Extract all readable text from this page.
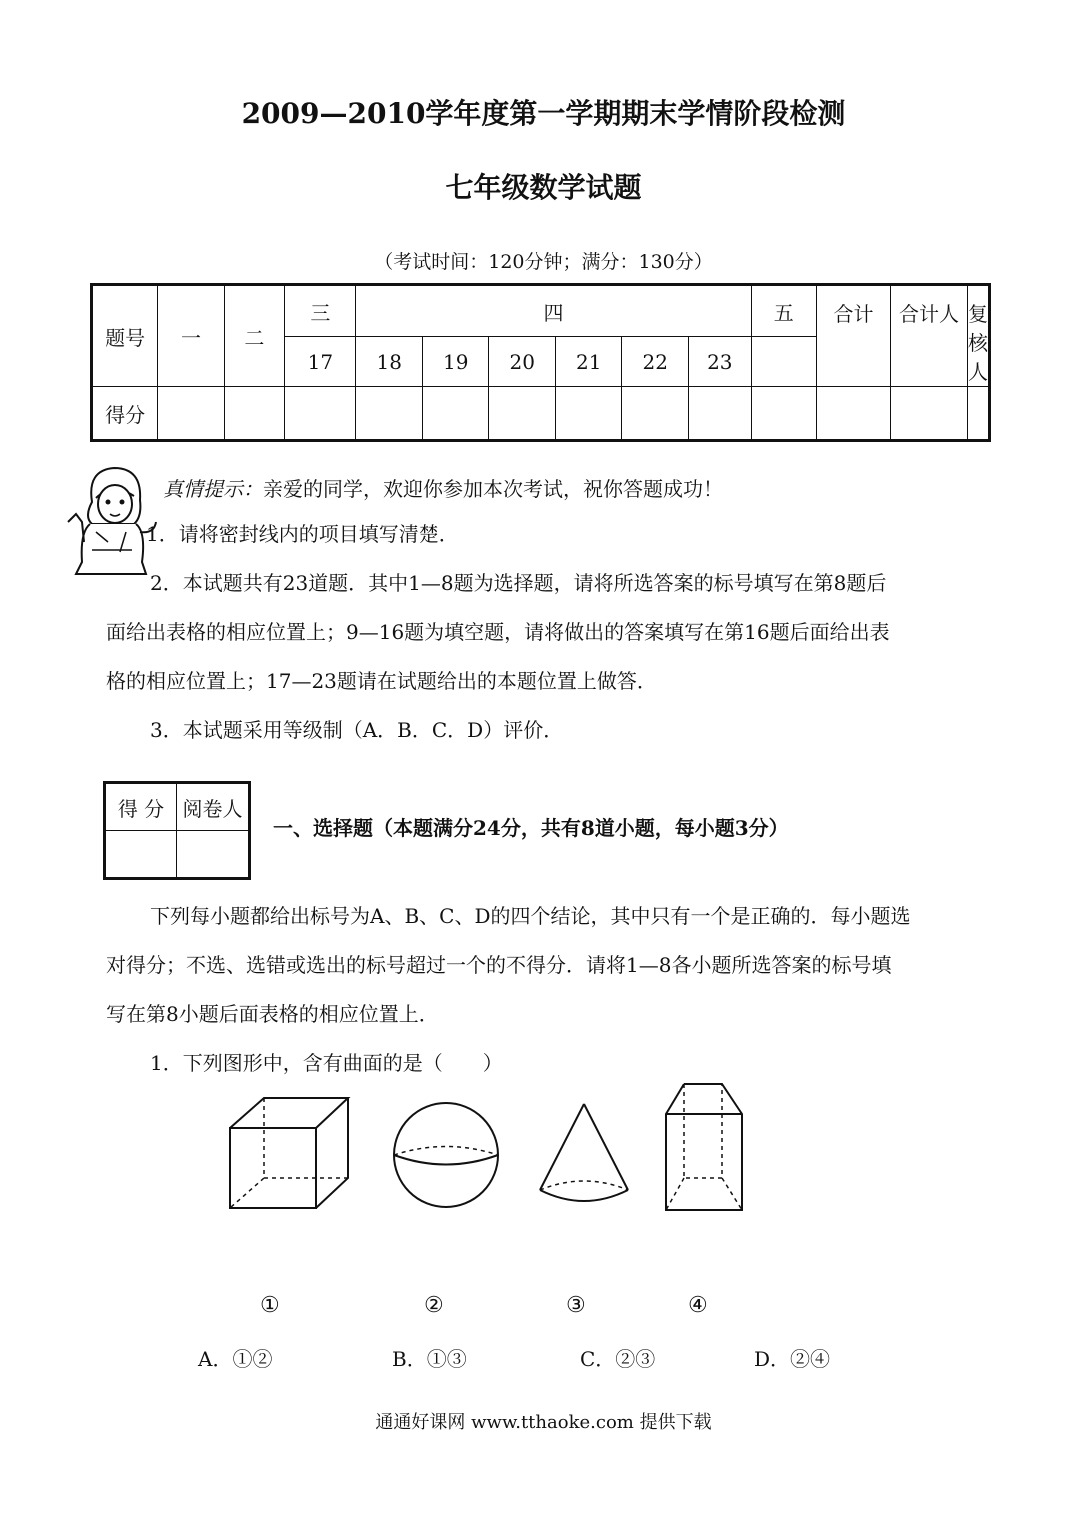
2009—2010学年度第一学期期末学情阶段检测
七年级数学试题
（考试时间：120分钟；满分：130分）
题号	一	二	三	四						五	合计	合计人	复核人
			17	18	19	20	21	22	23				
得分													
真情提示：亲爱的同学，欢迎你参加本次考试，祝你答题成功！
1．请将密封线内的项目填写清楚．
2．本试题共有23道题．其中1—8题为选择题，请将所选答案的标号填写在第8题后
面给出表格的相应位置上；9—16题为填空题，请将做出的答案填写在第16题后面给出表
格的相应位置上；17—23题请在试题给出的本题位置上做答．
3．本试题采用等级制（A．B．C．D）评价．
得 分	阅卷人

一、选择题（本题满分24分，共有8道小题，每小题3分）
下列每小题都给出标号为A、B、C、D的四个结论，其中只有一个是正确的．每小题选
对得分；不选、选错或选出的标号超过一个的不得分．请将1—8各小题所选答案的标号填
写在第8小题后面表格的相应位置上．
1．下列图形中，含有曲面的是（　　）
①	②	③	④
A．①②	B．①③	C．②③	D．②④
通通好课网 www.tthaoke.com 提供下载
